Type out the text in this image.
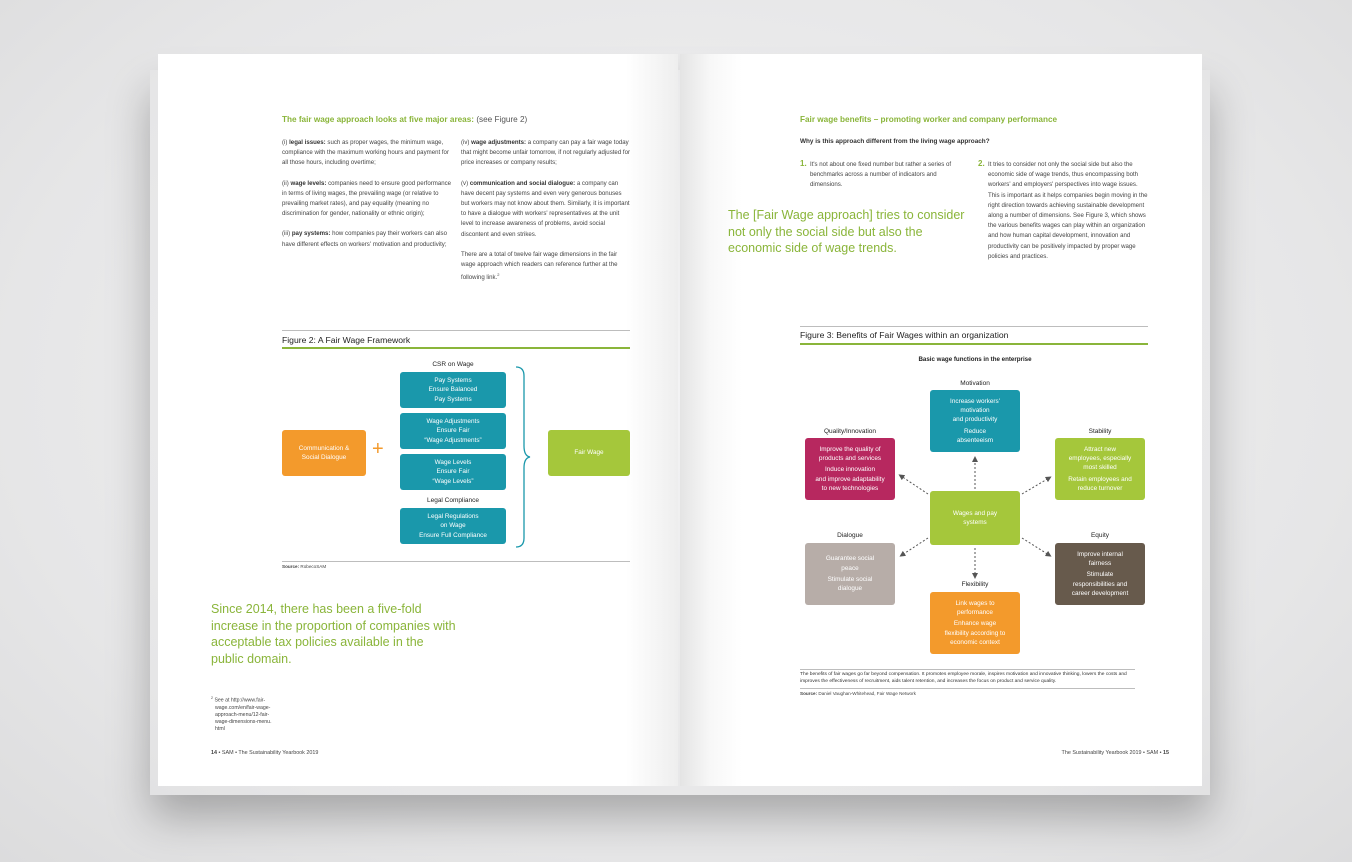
The fair wage approach looks at five major areas: (see Figure 2)

(i) legal issues: such as proper wages, the minimum wage, compliance with the maximum working hours and payment for all those hours, including overtime;

(ii) wage levels: companies need to ensure good performance in terms of living wages, the prevailing wage (or relative to prevailing market rates), and pay equality (meaning no discrimination for gender, nationality or ethnic origin);

(iii) pay systems: how companies pay their workers can also have different effects on workers' motivation and productivity;

(iv) wage adjustments: a company can pay a fair wage today that might become unfair tomorrow, if not regularly adjusted for price increases or company results;

(v) communication and social dialogue: a company can have decent pay systems and even very generous bonuses but workers may not know about them. Similarly, it is important to have a dialogue with workers' representatives at the unit level to increase awareness of problems, avoid social discontent and even strikes.

There are a total of twelve fair wage dimensions in the fair wage approach which readers can reference further at the following link.$^2$

Figure 2: A Fair Wage Framework
CSR on Wage
Pay Systems
Ensure Balanced
Pay Systems
Wage Adjustments
Ensure Fair
“Wage Adjustments”
Wage Levels
Ensure Fair
“Wage Levels”
Legal Compliance
Legal Regulations
on Wage
Ensure Full Compliance
Communication &
Social Dialogue +	Fair Wage
Source: RobecoSAM
Since 2014, there has been a five-fold increase in the proportion of companies with acceptable tax policies available in the public domain.
$^2$ See at http://www.fair-
wage.com/en/fair-wage-
approach-menu/12-fair-
wage-dimensions-menu.
html
14 • SAM • The Sustainability Yearbook 2019
Fair wage benefits – promoting worker and company performance
Why is this approach different from the living wage approach?
1. It's not about one fixed number but rather a series of benchmarks across a number of indicators and dimensions.
2. It tries to consider not only the social side but also the economic side of wage trends, thus encompassing both workers' and employers' perspectives into wage issues. This is important as it helps companies begin moving in the right direction towards achieving sustainable development along a number of dimensions. See Figure 3, which shows the various benefits wages can play within an organization and how human capital development, innovation and productivity can be positively impacted by proper wage policies and practices.
The [Fair Wage approach] tries to consider not only the social side but also the economic side of wage trends.
Figure 3: Benefits of Fair Wages within an organization
Basic wage functions in the enterprise
Motivation
Increase workers'
motivation
and productivity
Reduce
absenteeism
Quality/Innovation
Improve the quality of
products and services
Induce innovation
and improve adaptability
to new technologies
Stability
Attract new
employees, especially
most skilled
Retain employees and
reduce turnover
Wages and pay
systems
Dialogue
Guarantee social
peace
Stimulate social
dialogue
Equity
Improve internal
fairness
Stimulate
responsibilities and
career development
Flexibility
Link wages to
performance
Enhance wage
flexibility according to
economic context
The benefits of fair wages go far beyond compensation. It promotes employee morale, inspires motivation and innovative thinking, lowers the costs and improves the effectiveness of recruitment, aids talent retention, and increases the focus on product and service quality.
Source: Daniel Vaughan-Whitehead, Fair Wage Network
The Sustainability Yearbook 2019 • SAM • 15
